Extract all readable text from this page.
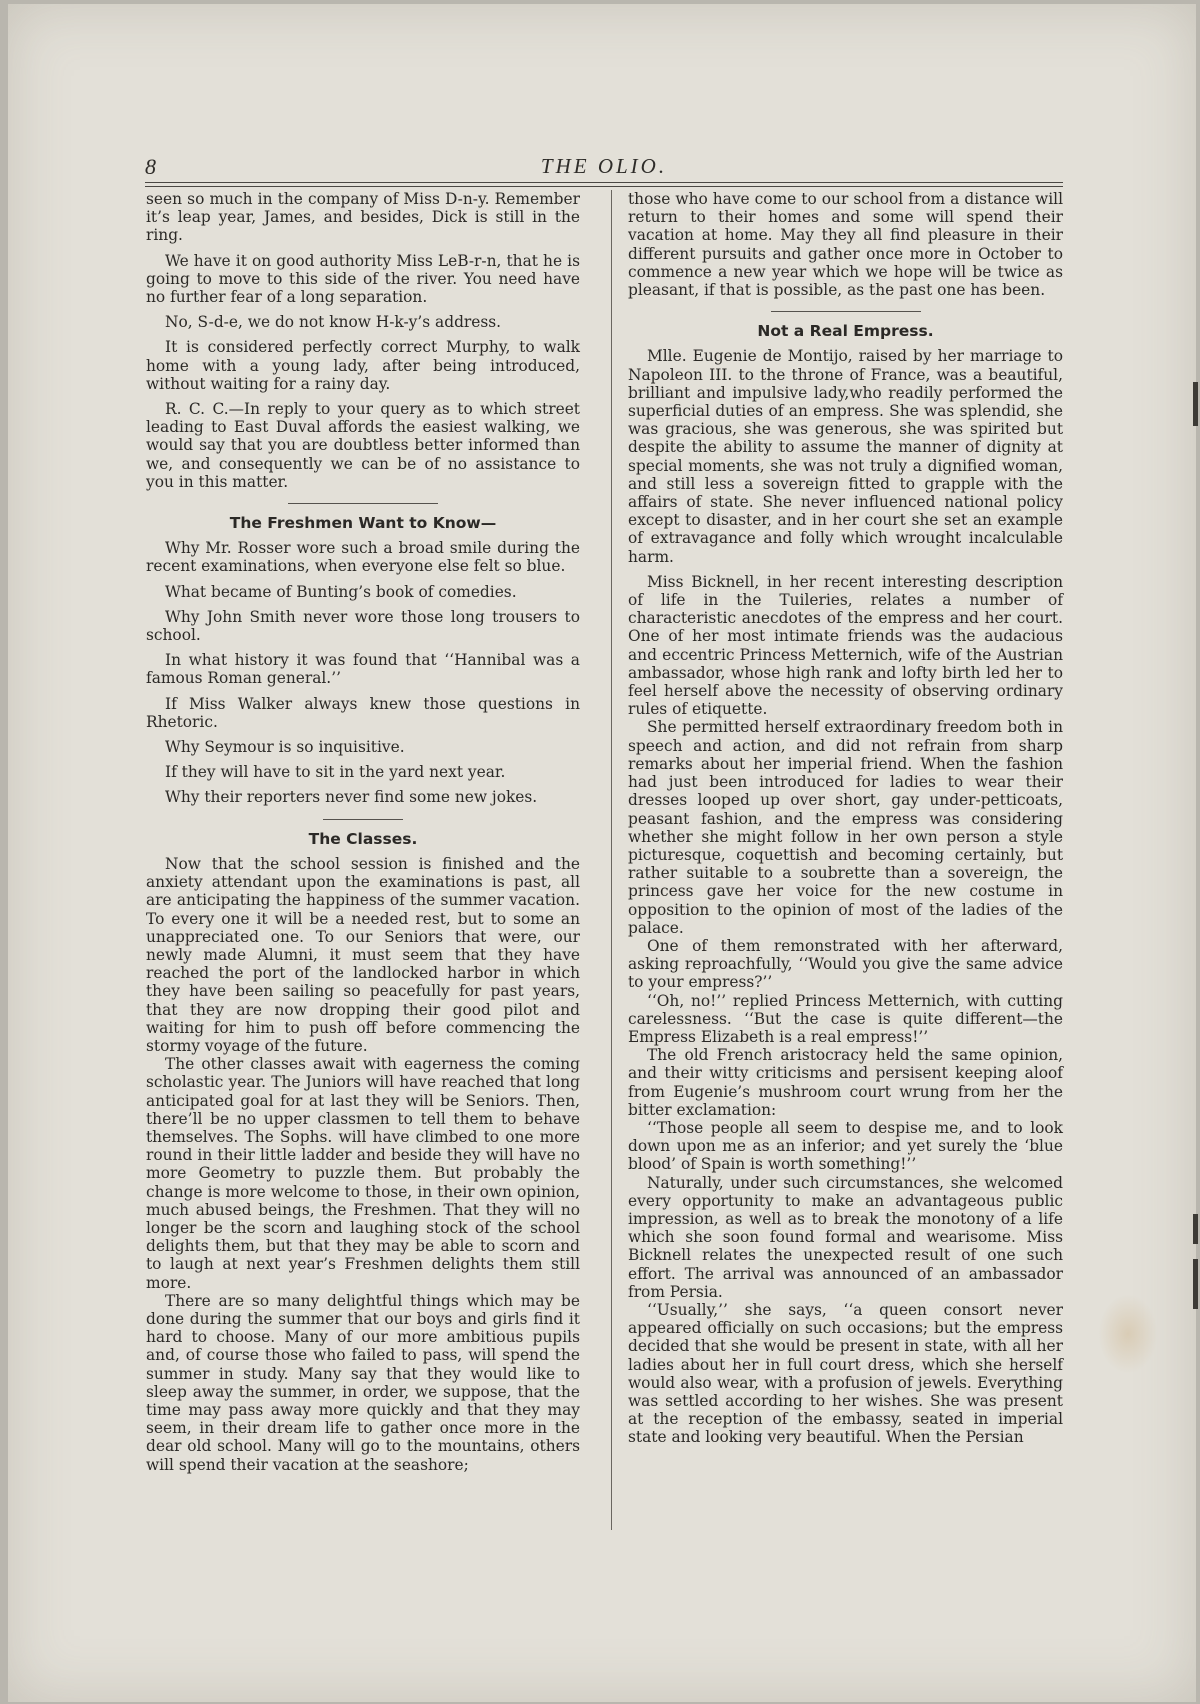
8	THE OLIO.

seen so much in the company of Miss D-n-y. Remember it’s leap year, James, and besides, Dick is still in the ring.

We have it on good authority Miss LeB-r-n, that he is going to move to this side of the river. You need have no further fear of a long separation.

No, S-d-e, we do not know H-k-y’s address.

It is considered perfectly correct Murphy, to walk home with a young lady, after being introduced, without waiting for a rainy day.

R. C. C.—In reply to your query as to which street leading to East Duval affords the easiest walking, we would say that you are doubtless better informed than we, and consequently we can be of no assistance to you in this matter.

The Freshmen Want to Know—

Why Mr. Rosser wore such a broad smile during the recent examinations, when everyone else felt so blue.

What became of Bunting’s book of comedies.

Why John Smith never wore those long trousers to school.

In what history it was found that ‘‘Hannibal was a famous Roman general.’’

If Miss Walker always knew those questions in Rhetoric.

Why Seymour is so inquisitive.

If they will have to sit in the yard next year.

Why their reporters never find some new jokes.

The Classes.

Now that the school session is finished and the anxiety attendant upon the examinations is past, all are anticipating the happiness of the summer vacation. To every one it will be a needed rest, but to some an unappreciated one. To our Seniors that were, our newly made Alumni, it must seem that they have reached the port of the landlocked harbor in which they have been sailing so peacefully for past years, that they are now dropping their good pilot and waiting for him to push off before commencing the stormy voyage of the future.

The other classes await with eagerness the coming scholastic year. The Juniors will have reached that long anticipated goal for at last they will be Seniors. Then, there’ll be no upper classmen to tell them to behave themselves. The Sophs. will have climbed to one more round in their little ladder and beside they will have no more Geometry to puzzle them. But probably the change is more welcome to those, in their own opinion, much abused beings, the Freshmen. That they will no longer be the scorn and laughing stock of the school delights them, but that they may be able to scorn and to laugh at next year’s Freshmen delights them still more.

There are so many delightful things which may be done during the summer that our boys and girls find it hard to choose. Many of our more ambitious pupils and, of course those who failed to pass, will spend the summer in study. Many say that they would like to sleep away the summer, in order, we suppose, that the time may pass away more quickly and that they may seem, in their dream life to gather once more in the dear old school. Many will go to the mountains, others will spend their vacation at the seashore;

those who have come to our school from a distance will return to their homes and some will spend their vacation at home. May they all find pleasure in their different pursuits and gather once more in October to commence a new year which we hope will be twice as pleasant, if that is possible, as the past one has been.

Not a Real Empress.

Mlle. Eugenie de Montijo, raised by her marriage to Napoleon III. to the throne of France, was a beautiful, brilliant and impulsive lady,who readily performed the superficial duties of an empress. She was splendid, she was gracious, she was generous, she was spirited but despite the ability to assume the manner of dignity at special moments, she was not truly a dignified woman, and still less a sovereign fitted to grapple with the affairs of state. She never influenced national policy except to disaster, and in her court she set an example of extravagance and folly which wrought incalculable harm.

Miss Bicknell, in her recent interesting description of life in the Tuileries, relates a number of characteristic anecdotes of the empress and her court. One of her most intimate friends was the audacious and eccentric Princess Metternich, wife of the Austrian ambassador, whose high rank and lofty birth led her to feel herself above the necessity of observing ordinary rules of etiquette.

She permitted herself extraordinary freedom both in speech and action, and did not refrain from sharp remarks about her imperial friend. When the fashion had just been introduced for ladies to wear their dresses looped up over short, gay under-petticoats, peasant fashion, and the empress was considering whether she might follow in her own person a style picturesque, coquettish and becoming certainly, but rather suitable to a soubrette than a sovereign, the princess gave her voice for the new costume in opposition to the opinion of most of the ladies of the palace.

One of them remonstrated with her afterward, asking reproachfully, ‘‘Would you give the same advice to your empress?’’

‘‘Oh, no!’’ replied Princess Metternich, with cutting carelessness. ‘‘But the case is quite different—the Empress Elizabeth is a real empress!’’

The old French aristocracy held the same opinion, and their witty criticisms and persisent keeping aloof from Eugenie’s mushroom court wrung from her the bitter exclamation:

‘‘Those people all seem to despise me, and to look down upon me as an inferior; and yet surely the ‘blue blood’ of Spain is worth something!’’

Naturally, under such circumstances, she welcomed every opportunity to make an advantageous public impression, as well as to break the monotony of a life which she soon found formal and wearisome. Miss Bicknell relates the unexpected result of one such effort. The arrival was announced of an ambassador from Persia.

‘‘Usually,’’ she says, ‘‘a queen consort never appeared officially on such occasions; but the empress decided that she would be present in state, with all her ladies about her in full court dress, which she herself would also wear, with a profusion of jewels. Everything was settled according to her wishes. She was present at the reception of the embassy, seated in imperial state and looking very beautiful. When the Persian
